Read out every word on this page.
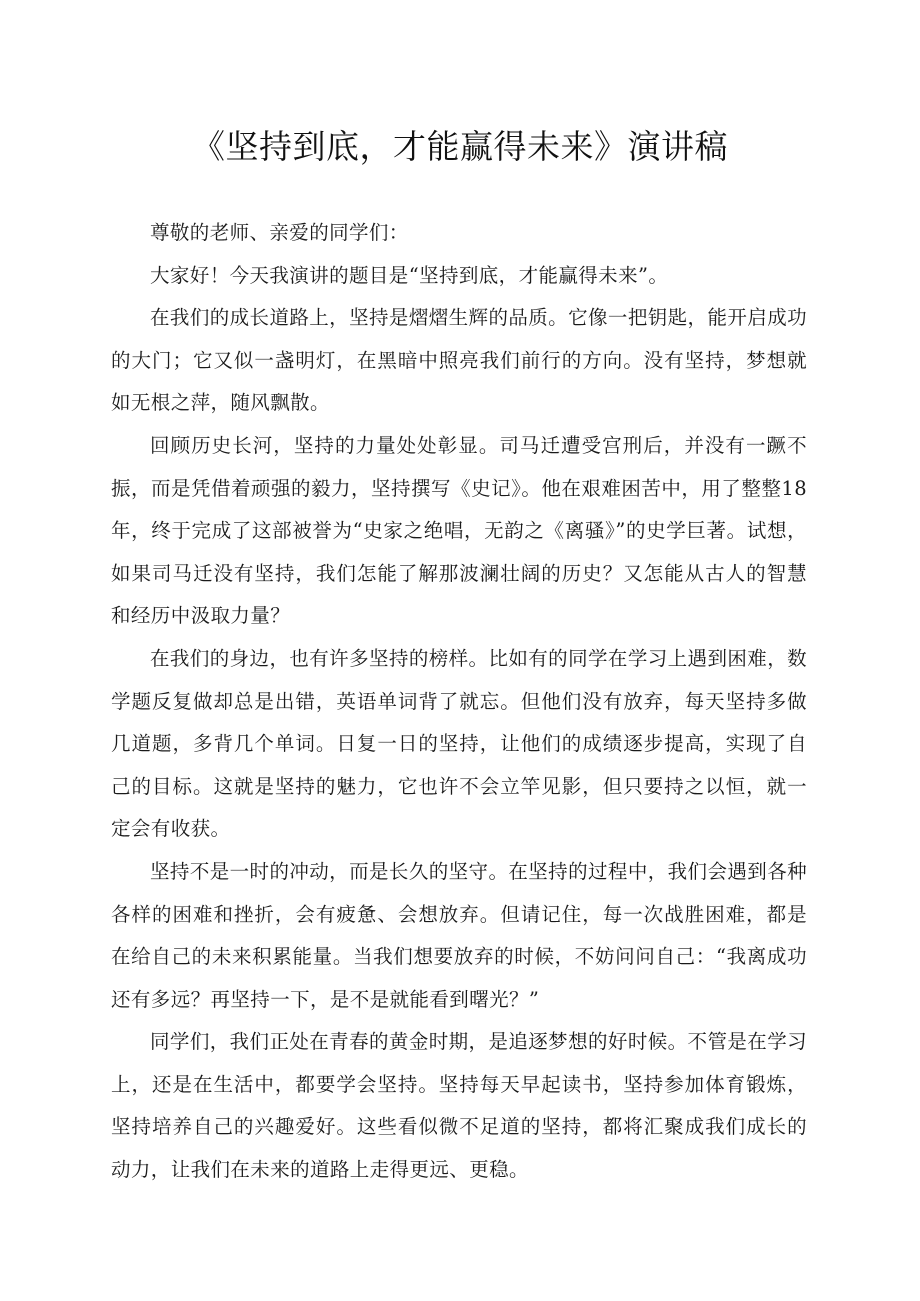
《坚持到底，才能赢得未来》演讲稿

尊敬的老师、亲爱的同学们：

大家好！今天我演讲的题目是“坚持到底，才能赢得未来”。

在我们的成长道路上，坚持是熠熠生辉的品质。它像一把钥匙，能开启成功的大门；它又似一盏明灯，在黑暗中照亮我们前行的方向。没有坚持，梦想就如无根之萍，随风飘散。

回顾历史长河，坚持的力量处处彰显。司马迁遭受宫刑后，并没有一蹶不振，而是凭借着顽强的毅力，坚持撰写《史记》。他在艰难困苦中，用了整整18年，终于完成了这部被誉为“史家之绝唱，无韵之《离骚》”的史学巨著。试想，如果司马迁没有坚持，我们怎能了解那波澜壮阔的历史？又怎能从古人的智慧和经历中汲取力量？

在我们的身边，也有许多坚持的榜样。比如有的同学在学习上遇到困难，数学题反复做却总是出错，英语单词背了就忘。但他们没有放弃，每天坚持多做几道题，多背几个单词。日复一日的坚持，让他们的成绩逐步提高，实现了自己的目标。这就是坚持的魅力，它也许不会立竿见影，但只要持之以恒，就一定会有收获。

坚持不是一时的冲动，而是长久的坚守。在坚持的过程中，我们会遇到各种各样的困难和挫折，会有疲惫、会想放弃。但请记住，每一次战胜困难，都是在给自己的未来积累能量。当我们想要放弃的时候，不妨问问自己：“我离成功还有多远？再坚持一下，是不是就能看到曙光？”

同学们，我们正处在青春的黄金时期，是追逐梦想的好时候。不管是在学习上，还是在生活中，都要学会坚持。坚持每天早起读书，坚持参加体育锻炼，坚持培养自己的兴趣爱好。这些看似微不足道的坚持，都将汇聚成我们成长的动力，让我们在未来的道路上走得更远、更稳。
